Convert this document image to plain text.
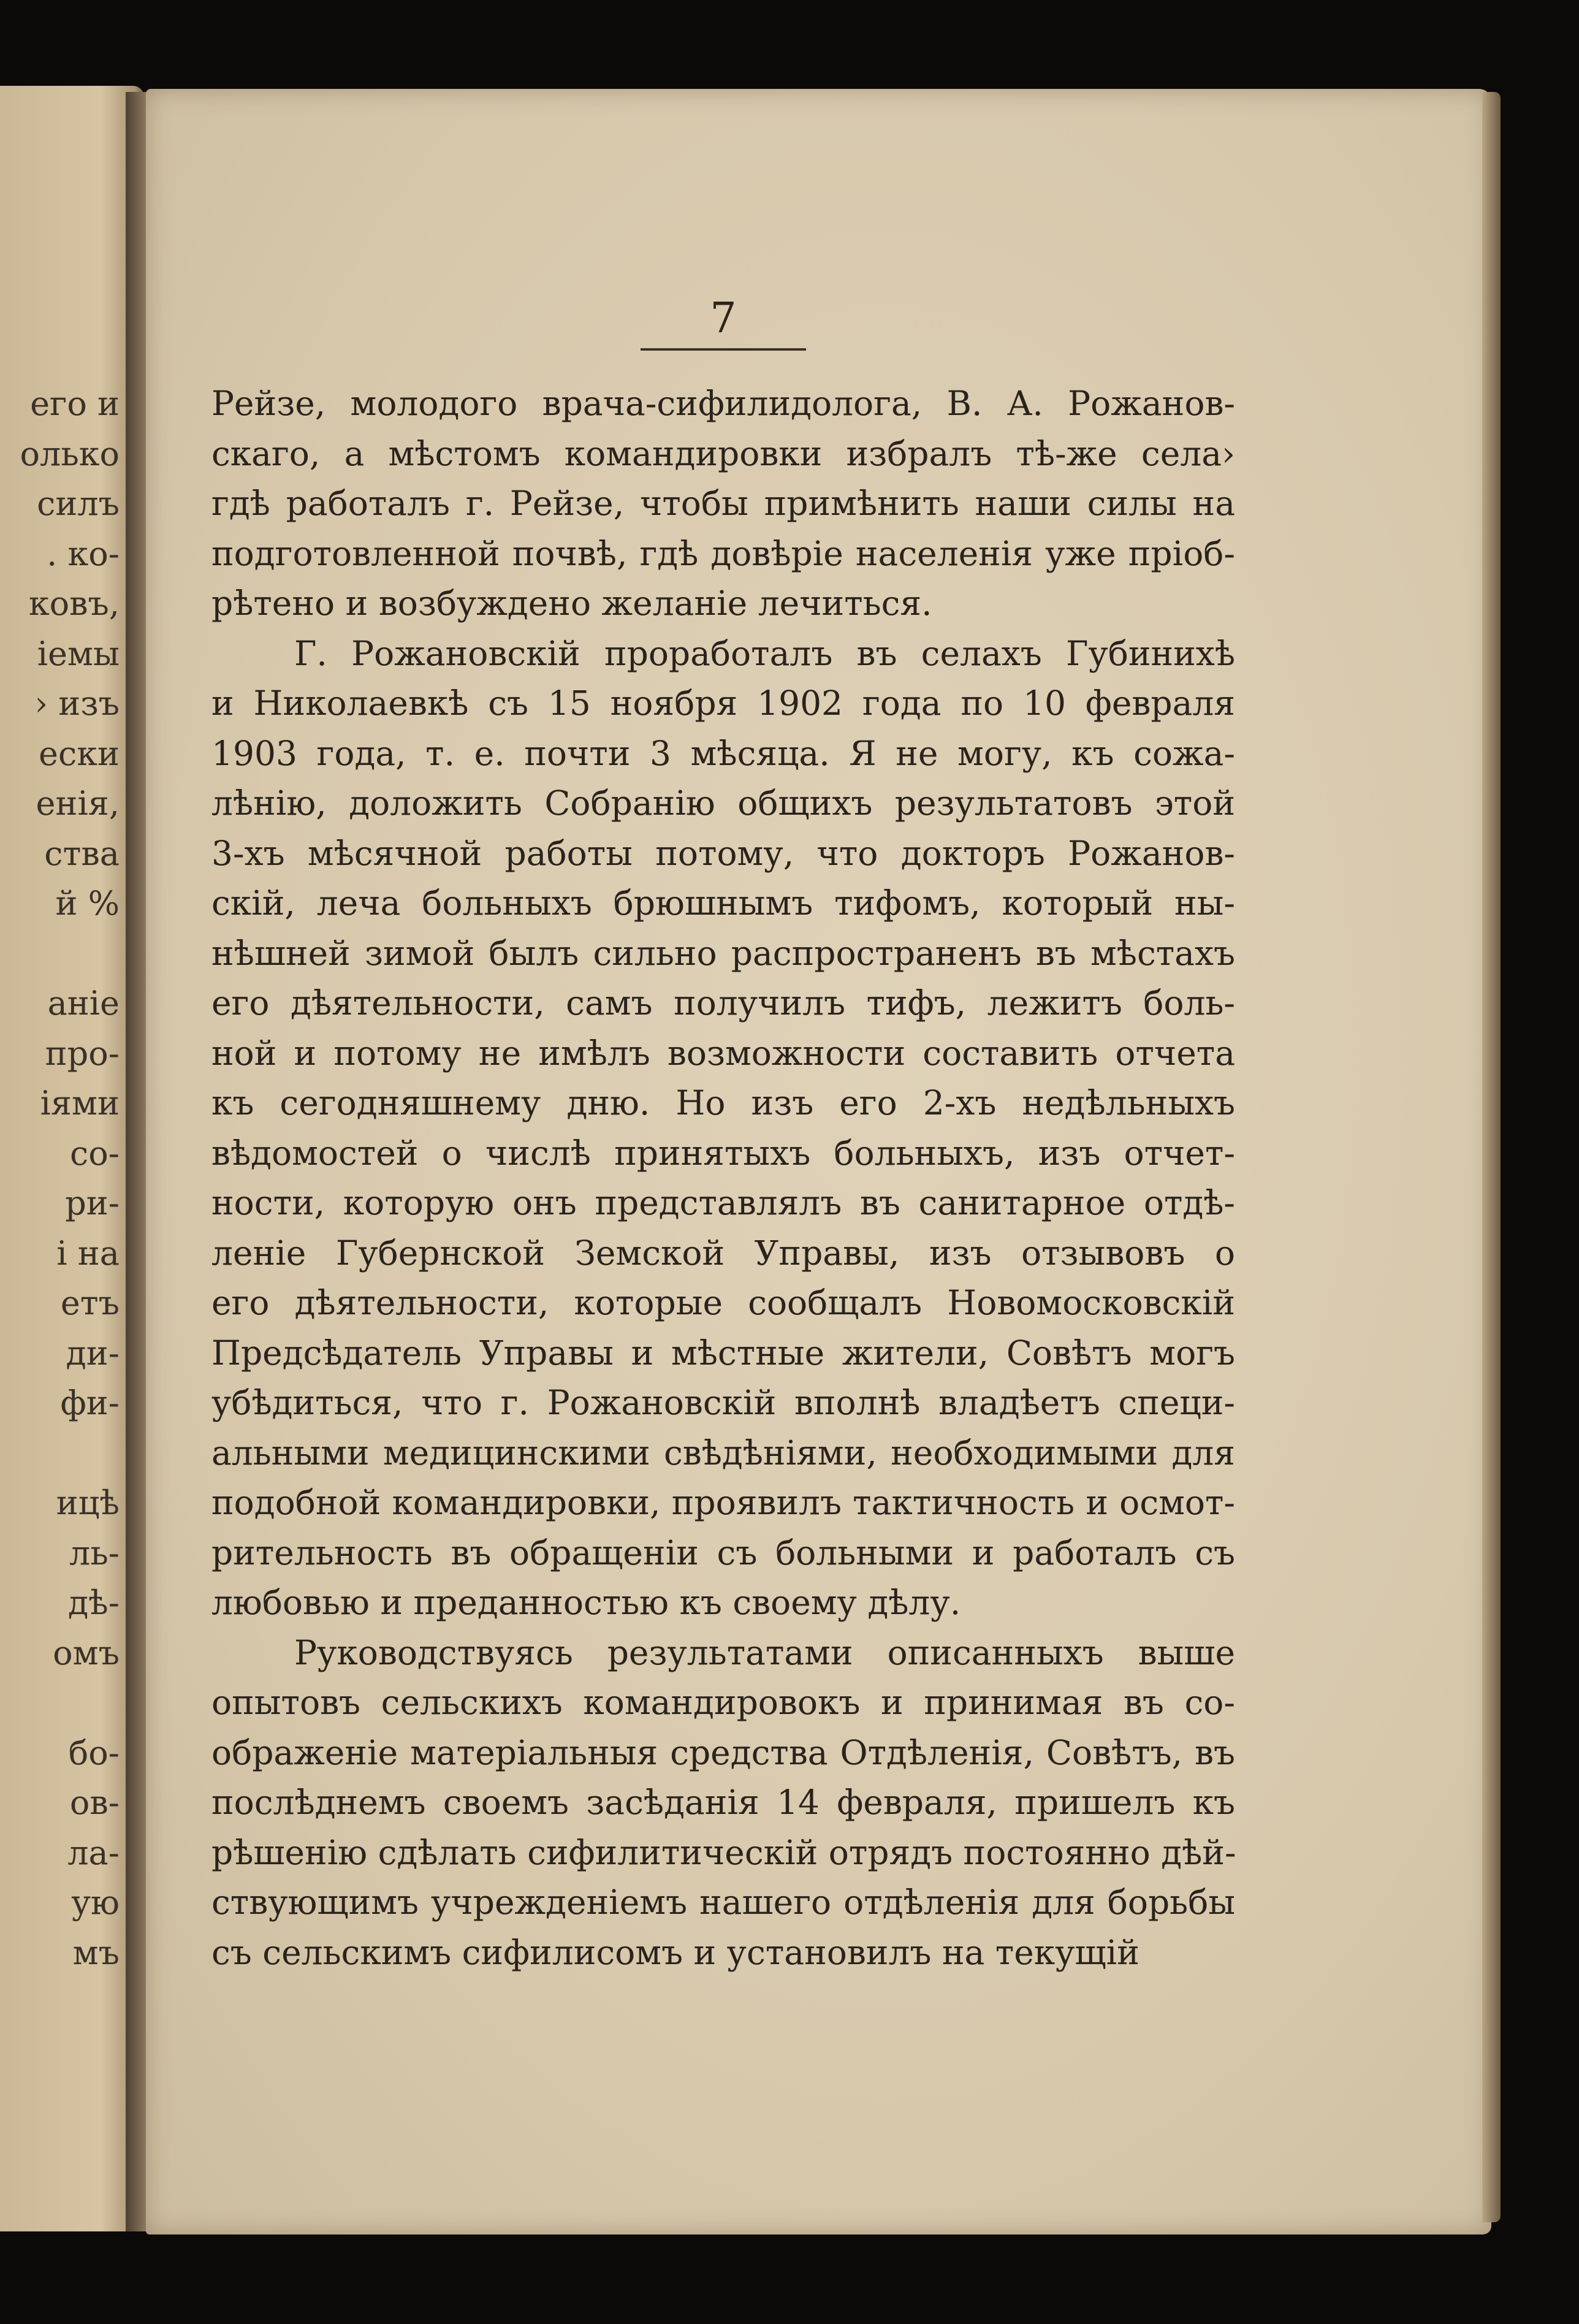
его и
олько
силъ
. ко-
ковъ,
іемы
› изъ
ески
енія,
ства
й %
аніе
про-
іями
со-
ри-
і на
етъ
ди-
фи-
ицѣ
ль-
дѣ-
омъ
бо-
ов-
ла-
ую
мъ
7
Рейзе, молодого врача-сифилидолога, В. А. Рожанов-
скаго, а мѣстомъ командировки избралъ тѣ-же села›
гдѣ работалъ г. Рейзе, чтобы примѣнить наши силы на
подготовленной почвѣ, гдѣ довѣріе населенія уже пріоб-
рѣтено и возбуждено желаніе лечиться.
Г. Рожановскій проработалъ въ селахъ Губинихѣ
и Николаевкѣ съ 15 ноября 1902 года по 10 февраля
1903 года, т. е. почти 3 мѣсяца. Я не могу, къ сожа-
лѣнію, доложить Собранію общихъ результатовъ этой
3-хъ мѣсячной работы потому, что докторъ Рожанов-
скій, леча больныхъ брюшнымъ тифомъ, который ны-
нѣшней зимой былъ сильно распространенъ въ мѣстахъ
его дѣятельности, самъ получилъ тифъ, лежитъ боль-
ной и потому не имѣлъ возможности составить отчета
къ сегодняшнему дню. Но изъ его 2-хъ недѣльныхъ
вѣдомостей о числѣ принятыхъ больныхъ, изъ отчет-
ности, которую онъ представлялъ въ санитарное отдѣ-
леніе Губернской Земской Управы, изъ отзывовъ о
его дѣятельности, которые сообщалъ Новомосковскій
Предсѣдатель Управы и мѣстные жители, Совѣтъ могъ
убѣдиться, что г. Рожановскій вполнѣ владѣетъ специ-
альными медицинскими свѣдѣніями, необходимыми для
подобной командировки, проявилъ тактичность и осмот-
рительность въ обращеніи съ больными и работалъ съ
любовью и преданностью къ своему дѣлу.
Руководствуясь результатами описанныхъ выше
опытовъ сельскихъ командировокъ и принимая въ со-
ображеніе матеріальныя средства Отдѣленія, Совѣтъ, въ
послѣднемъ своемъ засѣданія 14 февраля, пришелъ къ
рѣшенію сдѣлать сифилитическій отрядъ постоянно дѣй-
ствующимъ учрежденіемъ нашего отдѣленія для борьбы
съ сельскимъ сифилисомъ и установилъ на текущій
